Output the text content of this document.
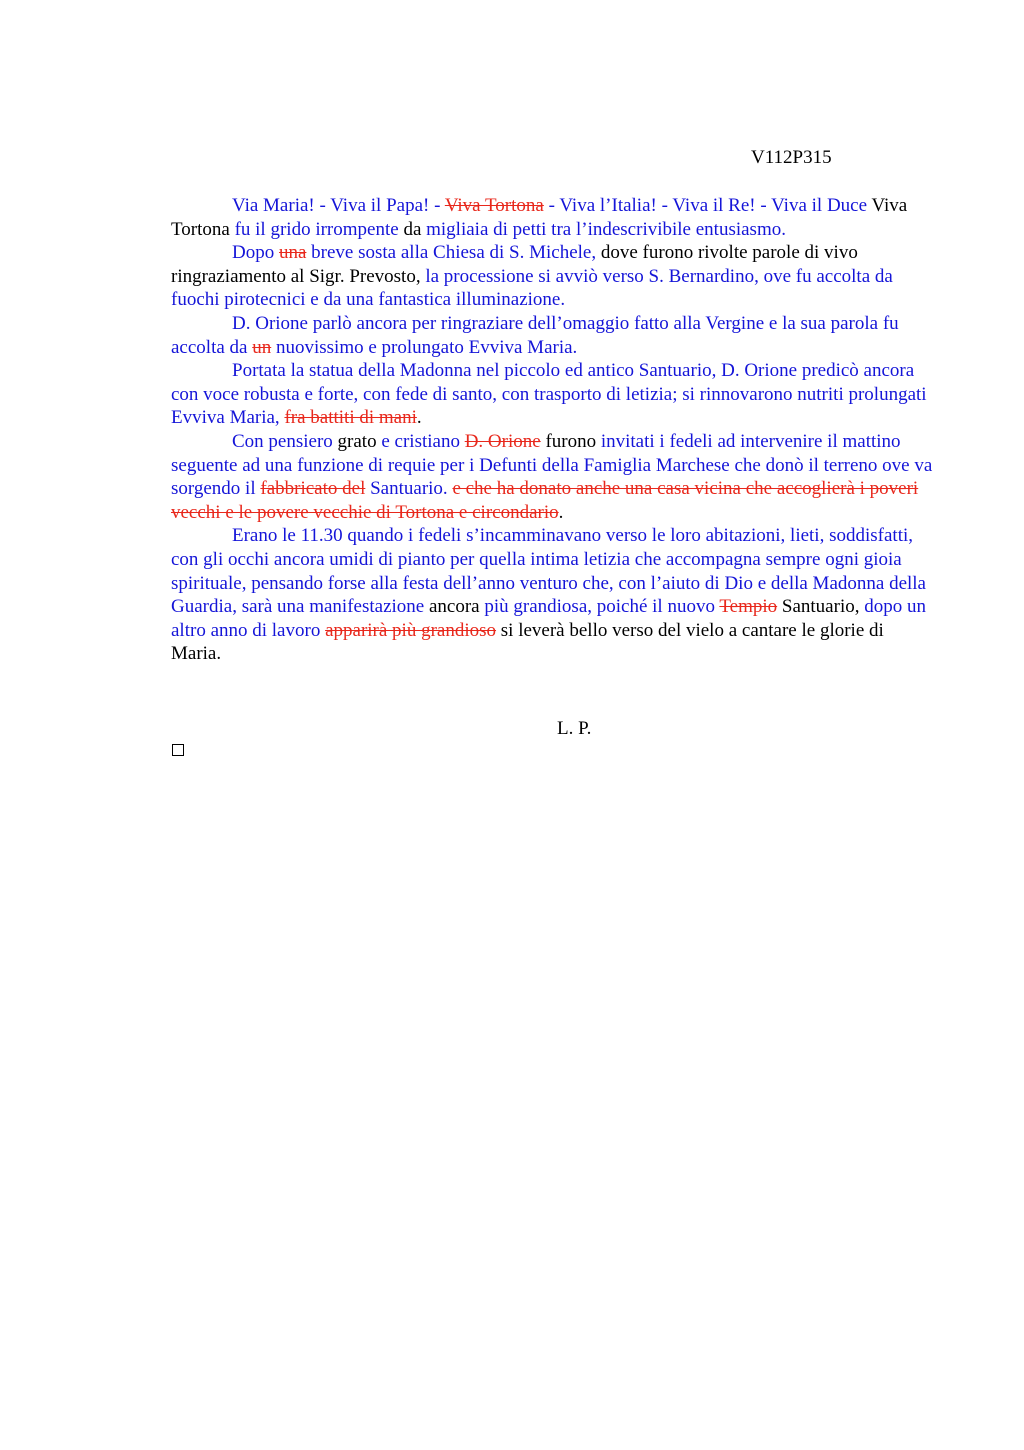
V112P315

Via Maria! - Viva il Papa! - Viva Tortona - Viva l’Italia! - Viva il Re! - Viva il Duce Viva Tortona fu il grido irrompente da migliaia di petti tra l’indescrivibile entusiasmo.

Dopo una breve sosta alla Chiesa di S. Michele, dove furono rivolte parole di vivo ringraziamento al Sigr. Prevosto, la processione si avviò verso S. Bernardino, ove fu accolta da fuochi pirotecnici e da una fantastica illuminazione.

D. Orione parlò ancora per ringraziare dell’omaggio fatto alla Vergine e la sua parola fu accolta da un nuovissimo e prolungato Evviva Maria.

Portata la statua della Madonna nel piccolo ed antico Santuario, D. Orione predicò ancora con voce robusta e forte, con fede di santo, con trasporto di letizia; si rinnovarono nutriti prolungati Evviva Maria, fra battiti di mani.

Con pensiero grato e cristiano D. Orione furono invitati i fedeli ad intervenire il mattino seguente ad una funzione di requie per i Defunti della Famiglia Marchese che donò il terreno ove va sorgendo il fabbricato del Santuario. e che ha donato anche una casa vicina che accoglierà i poveri vecchi e le povere vecchie di Tortona e circondario.

Erano le 11.30 quando i fedeli s’incamminavano verso le loro abitazioni, lieti, soddisfatti, con gli occhi ancora umidi di pianto per quella intima letizia che accompagna sempre ogni gioia spirituale, pensando forse alla festa dell’anno venturo che, con l’aiuto di Dio e della Madonna della Guardia, sarà una manifestazione ancora più grandiosa, poiché il nuovo Tempio Santuario, dopo un altro anno di lavoro apparirà più grandioso si leverà bello verso del vielo a cantare le glorie di Maria.

L. P.
